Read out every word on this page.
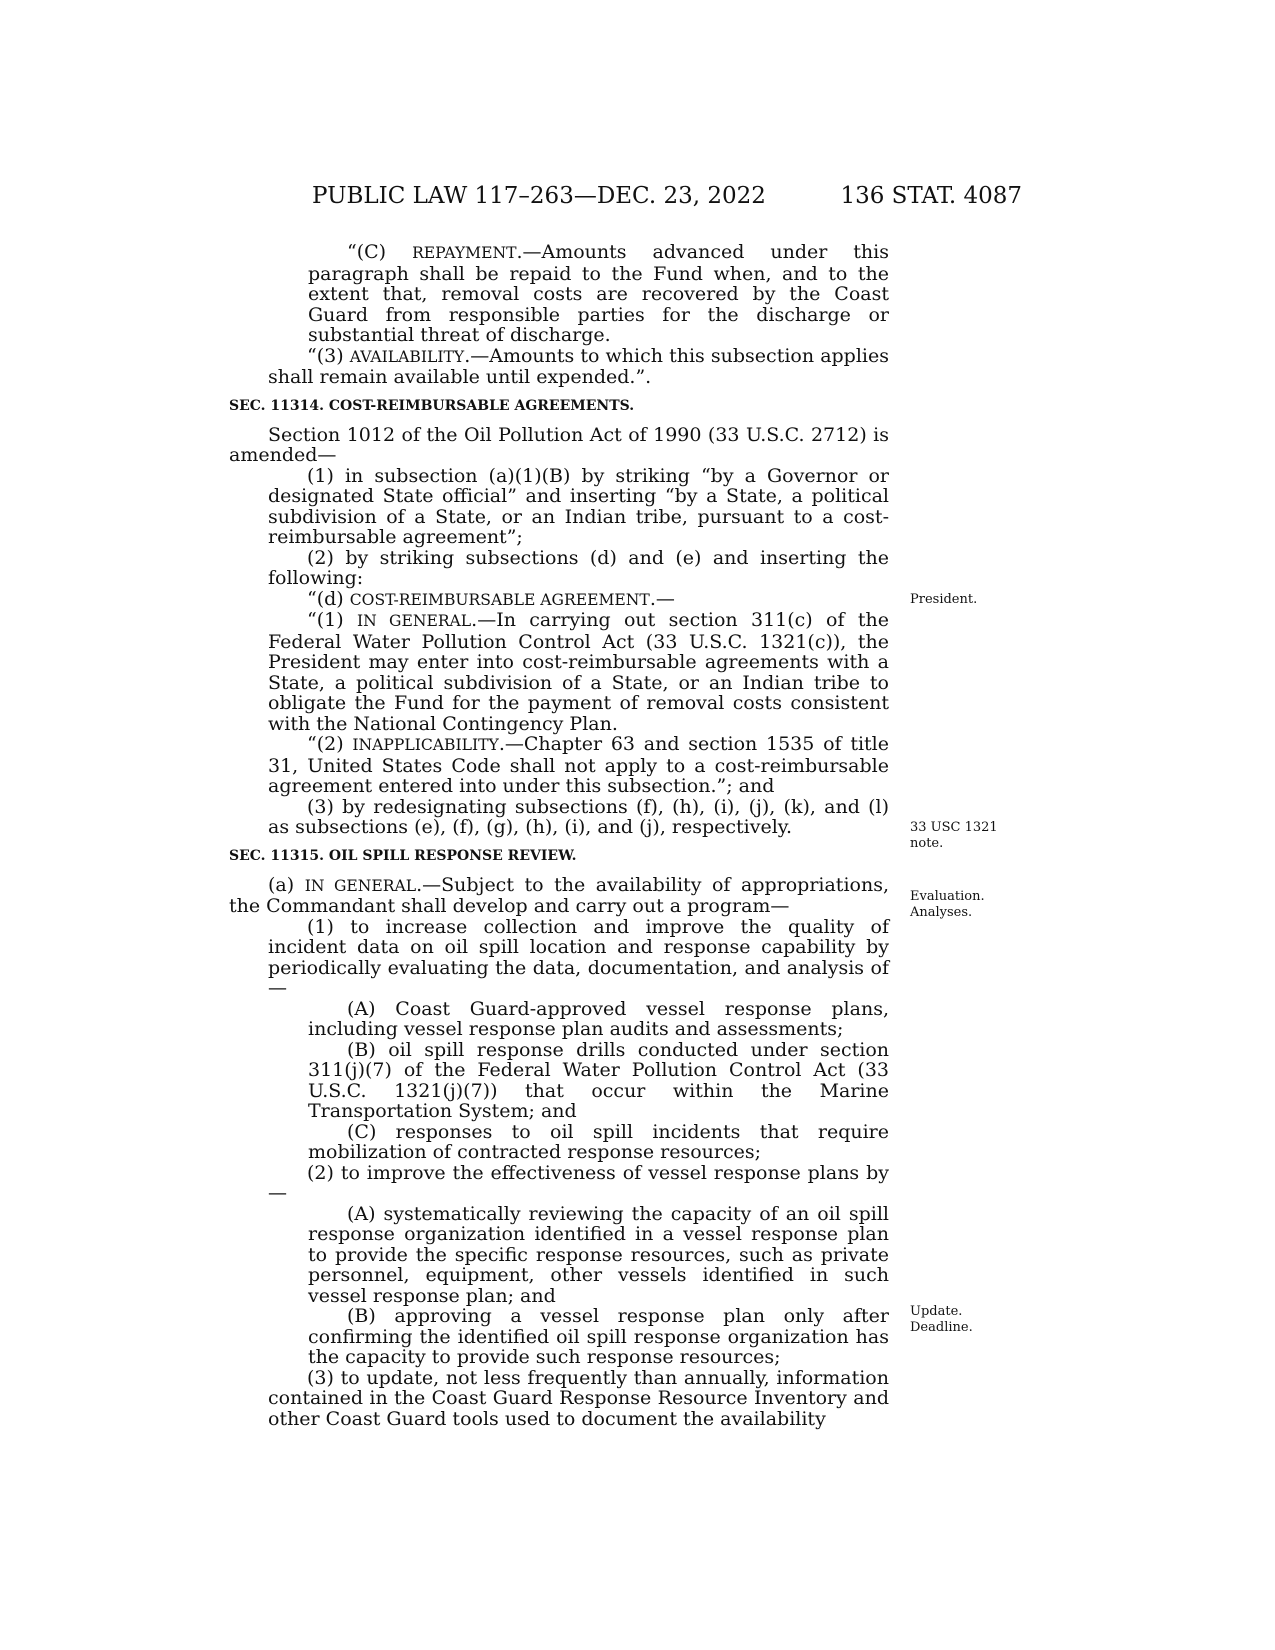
PUBLIC LAW 117–263—DEC. 23, 2022	136 STAT. 4087

“(C) REPAYMENT.—Amounts advanced under this paragraph shall be repaid to the Fund when, and to the extent that, removal costs are recovered by the Coast Guard from responsible parties for the discharge or substantial threat of discharge.

“(3) AVAILABILITY.—Amounts to which this subsection applies shall remain available until expended.”.

SEC. 11314. COST-REIMBURSABLE AGREEMENTS.

Section 1012 of the Oil Pollution Act of 1990 (33 U.S.C. 2712) is amended—

(1) in subsection (a)(1)(B) by striking “by a Governor or designated State official” and inserting “by a State, a political subdivision of a State, or an Indian tribe, pursuant to a cost-reimbursable agreement”;

(2) by striking subsections (d) and (e) and inserting the following:

“(d) COST-REIMBURSABLE AGREEMENT.—

“(1) IN GENERAL.—In carrying out section 311(c) of the Federal Water Pollution Control Act (33 U.S.C. 1321(c)), the President may enter into cost-reimbursable agreements with a State, a political subdivision of a State, or an Indian tribe to obligate the Fund for the payment of removal costs consistent with the National Contingency Plan.

“(2) INAPPLICABILITY.—Chapter 63 and section 1535 of title 31, United States Code shall not apply to a cost-reimbursable agreement entered into under this subsection.”; and

(3) by redesignating subsections (f), (h), (i), (j), (k), and (l) as subsections (e), (f), (g), (h), (i), and (j), respectively.

SEC. 11315. OIL SPILL RESPONSE REVIEW.

(a) IN GENERAL.—Subject to the availability of appropriations, the Commandant shall develop and carry out a program—

(1) to increase collection and improve the quality of incident data on oil spill location and response capability by periodically evaluating the data, documentation, and analysis of—

(A) Coast Guard-approved vessel response plans, including vessel response plan audits and assessments;

(B) oil spill response drills conducted under section 311(j)(7) of the Federal Water Pollution Control Act (33 U.S.C. 1321(j)(7)) that occur within the Marine Transportation System; and

(C) responses to oil spill incidents that require mobilization of contracted response resources;

(2) to improve the effectiveness of vessel response plans by—

(A) systematically reviewing the capacity of an oil spill response organization identified in a vessel response plan to provide the specific response resources, such as private personnel, equipment, other vessels identified in such vessel response plan; and

(B) approving a vessel response plan only after confirming the identified oil spill response organization has the capacity to provide such response resources;

(3) to update, not less frequently than annually, information contained in the Coast Guard Response Resource Inventory and other Coast Guard tools used to document the availability

President.
33 USC 1321
note.
Evaluation.
Analyses.
Update.
Deadline.
